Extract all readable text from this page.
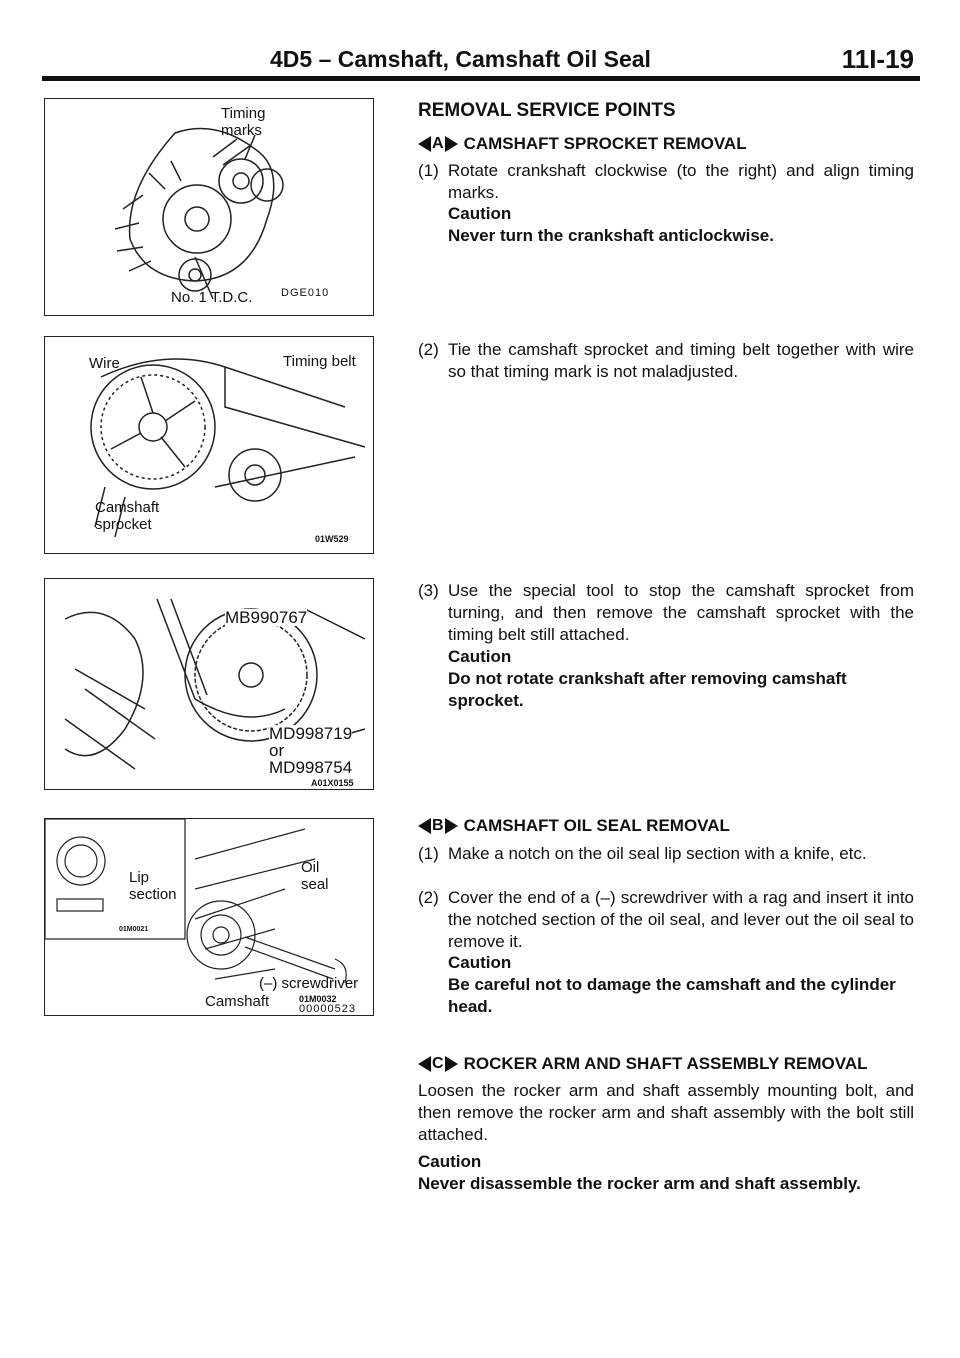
4D5 – Camshaft, Camshaft Oil Seal	11I-19
Timing
marks
No. 1 T.D.C.	DGE010
Wire	Timing belt
Camshaft
sprocket
01W529
MB990767
MD998719
or
MD998754
A01X0155
Lip
section
Oil
seal
01M0021
(–) screwdriver
Camshaft	01M0032
00000523
REMOVAL SERVICE POINTS
A CAMSHAFT SPROCKET REMOVAL
(1) Rotate crankshaft clockwise (to the right) and align timing marks.
Caution
Never turn the crankshaft anticlockwise.
(2) Tie the camshaft sprocket and timing belt together with wire so that timing mark is not maladjusted.
(3) Use the special tool to stop the camshaft sprocket from turning, and then remove the camshaft sprocket with the timing belt still attached.
Caution
Do not rotate crankshaft after removing camshaft sprocket.
B CAMSHAFT OIL SEAL REMOVAL
(1) Make a notch on the oil seal lip section with a knife, etc.
(2) Cover the end of a (–) screwdriver with a rag and insert it into the notched section of the oil seal, and lever out the oil seal to remove it.
Caution
Be careful not to damage the camshaft and the cylinder head.
C ROCKER ARM AND SHAFT ASSEMBLY REMOVAL
Loosen the rocker arm and shaft assembly mounting bolt, and then remove the rocker arm and shaft assembly with the bolt still attached.
Caution
Never disassemble the rocker arm and shaft assembly.
